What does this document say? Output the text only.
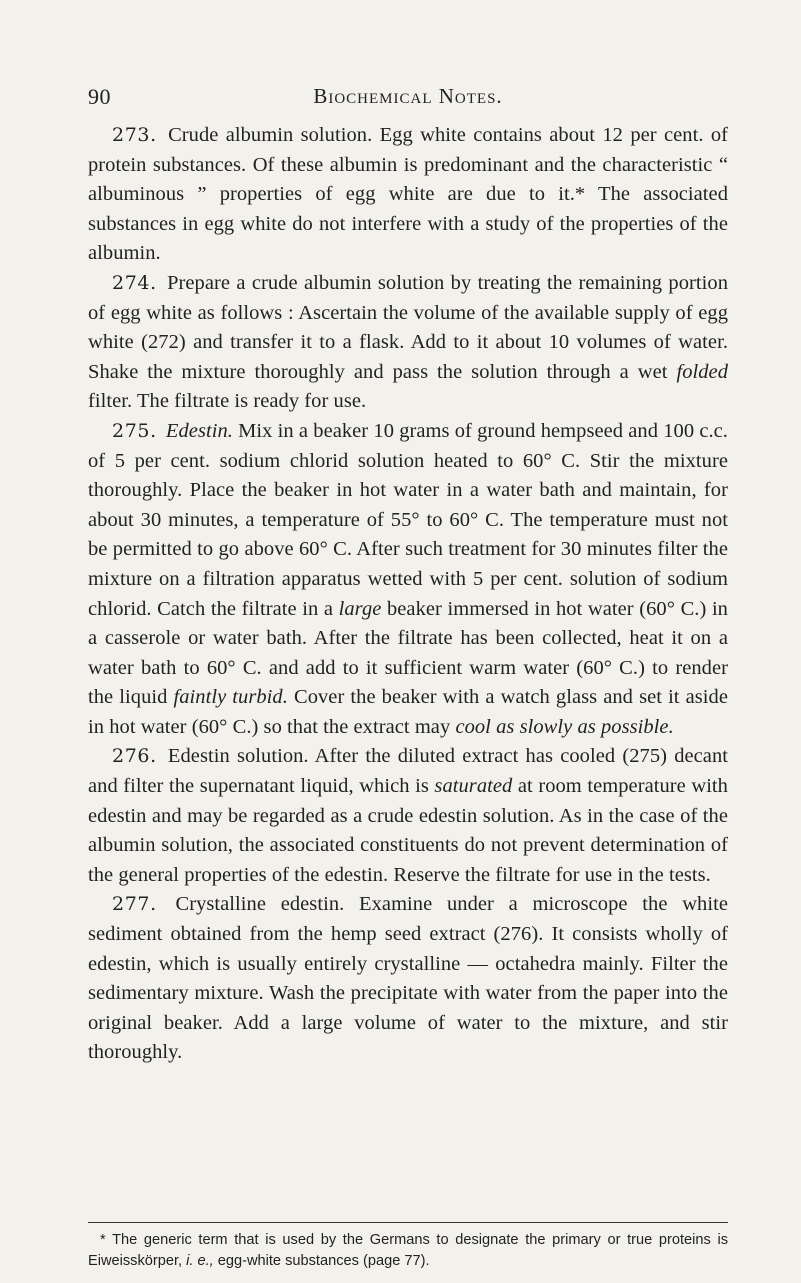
90	Biochemical Notes.

273. Crude albumin solution. Egg white contains about 12 per cent. of protein substances. Of these albumin is predominant and the characteristic “ albuminous ” properties of egg white are due to it.* The associated substances in egg white do not interfere with a study of the properties of the albumin.

274. Prepare a crude albumin solution by treating the remaining portion of egg white as follows : Ascertain the volume of the available supply of egg white (272) and transfer it to a flask. Add to it about 10 volumes of water. Shake the mixture thoroughly and pass the solution through a wet folded filter. The filtrate is ready for use.

275. Edestin. Mix in a beaker 10 grams of ground hempseed and 100 c.c. of 5 per cent. sodium chlorid solution heated to 60° C. Stir the mixture thoroughly. Place the beaker in hot water in a water bath and maintain, for about 30 minutes, a temperature of 55° to 60° C. The temperature must not be permitted to go above 60° C. After such treatment for 30 minutes filter the mixture on a filtration apparatus wetted with 5 per cent. solution of sodium chlorid. Catch the filtrate in a large beaker immersed in hot water (60° C.) in a casserole or water bath. After the filtrate has been collected, heat it on a water bath to 60° C. and add to it sufficient warm water (60° C.) to render the liquid faintly turbid. Cover the beaker with a watch glass and set it aside in hot water (60° C.) so that the extract may cool as slowly as possible.

276. Edestin solution. After the diluted extract has cooled (275) decant and filter the supernatant liquid, which is saturated at room temperature with edestin and may be regarded as a crude edestin solution. As in the case of the albumin solution, the associated constituents do not prevent determination of the general properties of the edestin. Reserve the filtrate for use in the tests.

277. Crystalline edestin. Examine under a microscope the white sediment obtained from the hemp seed extract (276). It consists wholly of edestin, which is usually entirely crystalline — octahedra mainly. Filter the sedimentary mixture. Wash the precipitate with water from the paper into the original beaker. Add a large volume of water to the mixture, and stir thoroughly.

* The generic term that is used by the Germans to designate the primary or true proteins is Eiweisskörper, i. e., egg-white substances (page 77).
